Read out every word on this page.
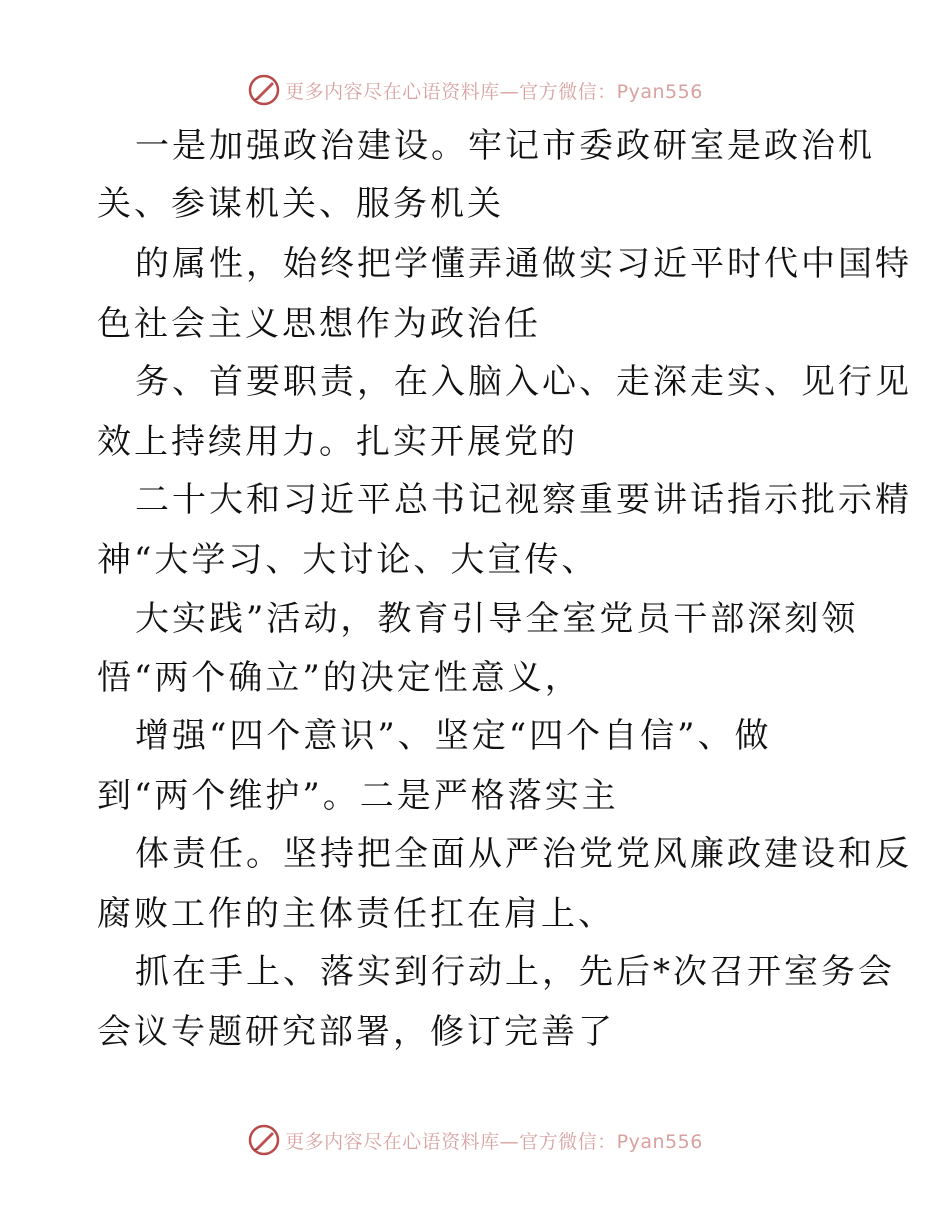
更多内容尽在心语资料库—官方微信：Pyan556
一是加强政治建设。牢记市委政研室是政治机
关、参谋机关、服务机关
的属性，始终把学懂弄通做实习近平时代中国特
色社会主义思想作为政治任
务、首要职责，在入脑入心、走深走实、见行见
效上持续用力。扎实开展党的
二十大和习近平总书记视察重要讲话指示批示精
神“大学习、大讨论、大宣传、
大实践”活动，教育引导全室党员干部深刻领
悟“两个确立”的决定性意义，
增强“四个意识”、坚定“四个自信”、做
到“两个维护”。二是严格落实主
体责任。坚持把全面从严治党党风廉政建设和反
腐败工作的主体责任扛在肩上、
抓在手上、落实到行动上，先后*次召开室务会
会议专题研究部署，修订完善了
更多内容尽在心语资料库—官方微信：Pyan556
